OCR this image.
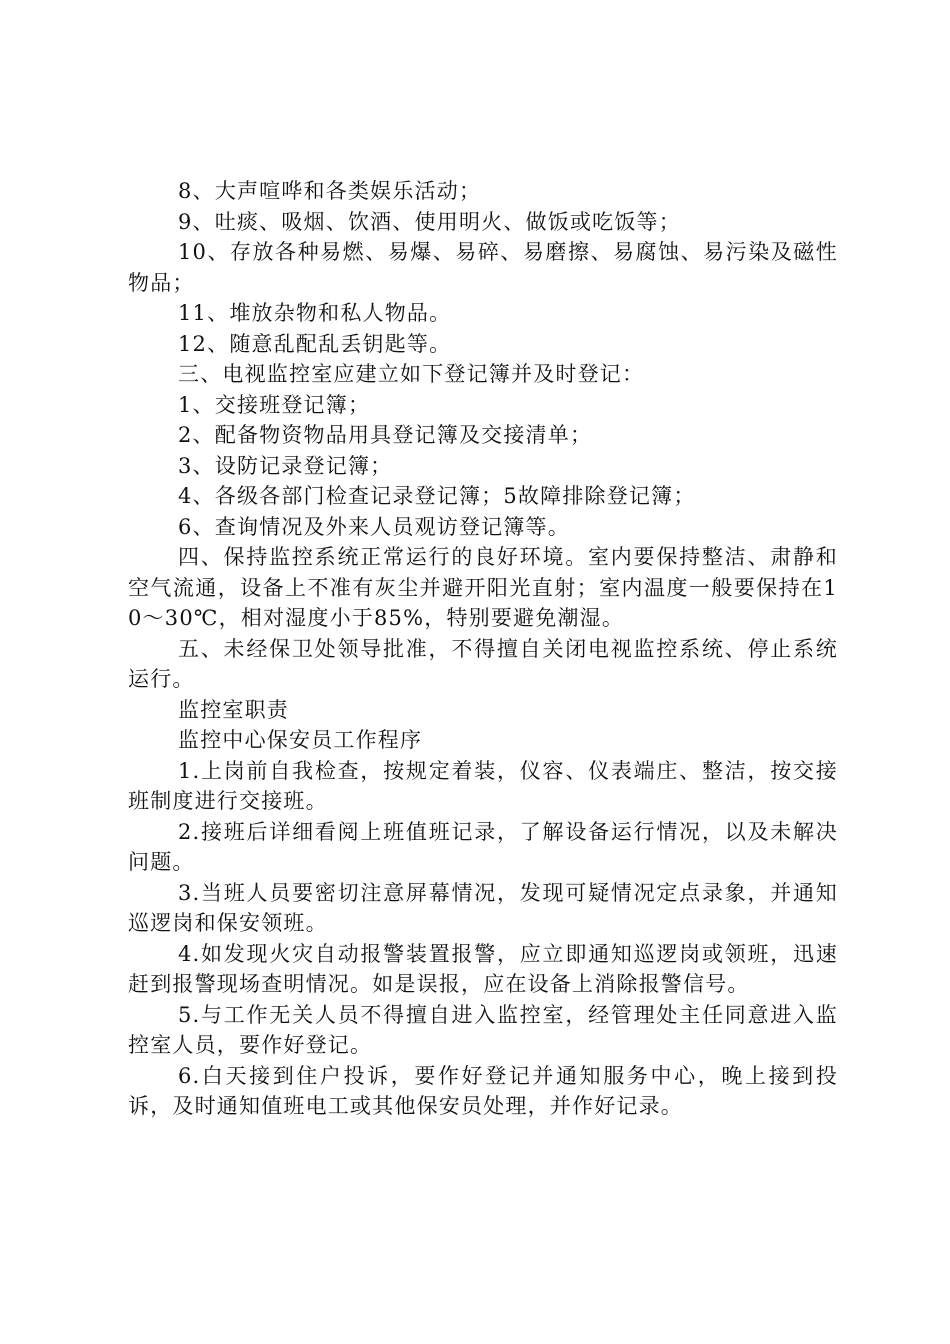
8、大声喧哗和各类娱乐活动；

9、吐痰、吸烟、饮酒、使用明火、做饭或吃饭等；

10、存放各种易燃、易爆、易碎、易磨擦、易腐蚀、易污染及磁性物品；

11、堆放杂物和私人物品。

12、随意乱配乱丢钥匙等。

三、电视监控室应建立如下登记簿并及时登记：

1、交接班登记簿；

2、配备物资物品用具登记簿及交接清单；

3、设防记录登记簿；

4、各级各部门检查记录登记簿；5故障排除登记簿；

6、查询情况及外来人员观访登记簿等。

四、保持监控系统正常运行的良好环境。室内要保持整洁、肃静和空气流通，设备上不准有灰尘并避开阳光直射；室内温度一般要保持在10～30℃，相对湿度小于85%，特别要避免潮湿。

五、未经保卫处领导批准，不得擅自关闭电视监控系统、停止系统运行。

监控室职责

监控中心保安员工作程序

1.上岗前自我检查，按规定着装，仪容、仪表端庄、整洁，按交接班制度进行交接班。

2.接班后详细看阅上班值班记录，了解设备运行情况，以及未解决问题。

3.当班人员要密切注意屏幕情况，发现可疑情况定点录象，并通知巡逻岗和保安领班。

4.如发现火灾自动报警装置报警，应立即通知巡逻岗或领班，迅速赶到报警现场查明情况。如是误报，应在设备上消除报警信号。

5.与工作无关人员不得擅自进入监控室，经管理处主任同意进入监控室人员，要作好登记。

6.白天接到住户投诉，要作好登记并通知服务中心，晚上接到投诉，及时通知值班电工或其他保安员处理，并作好记录。
